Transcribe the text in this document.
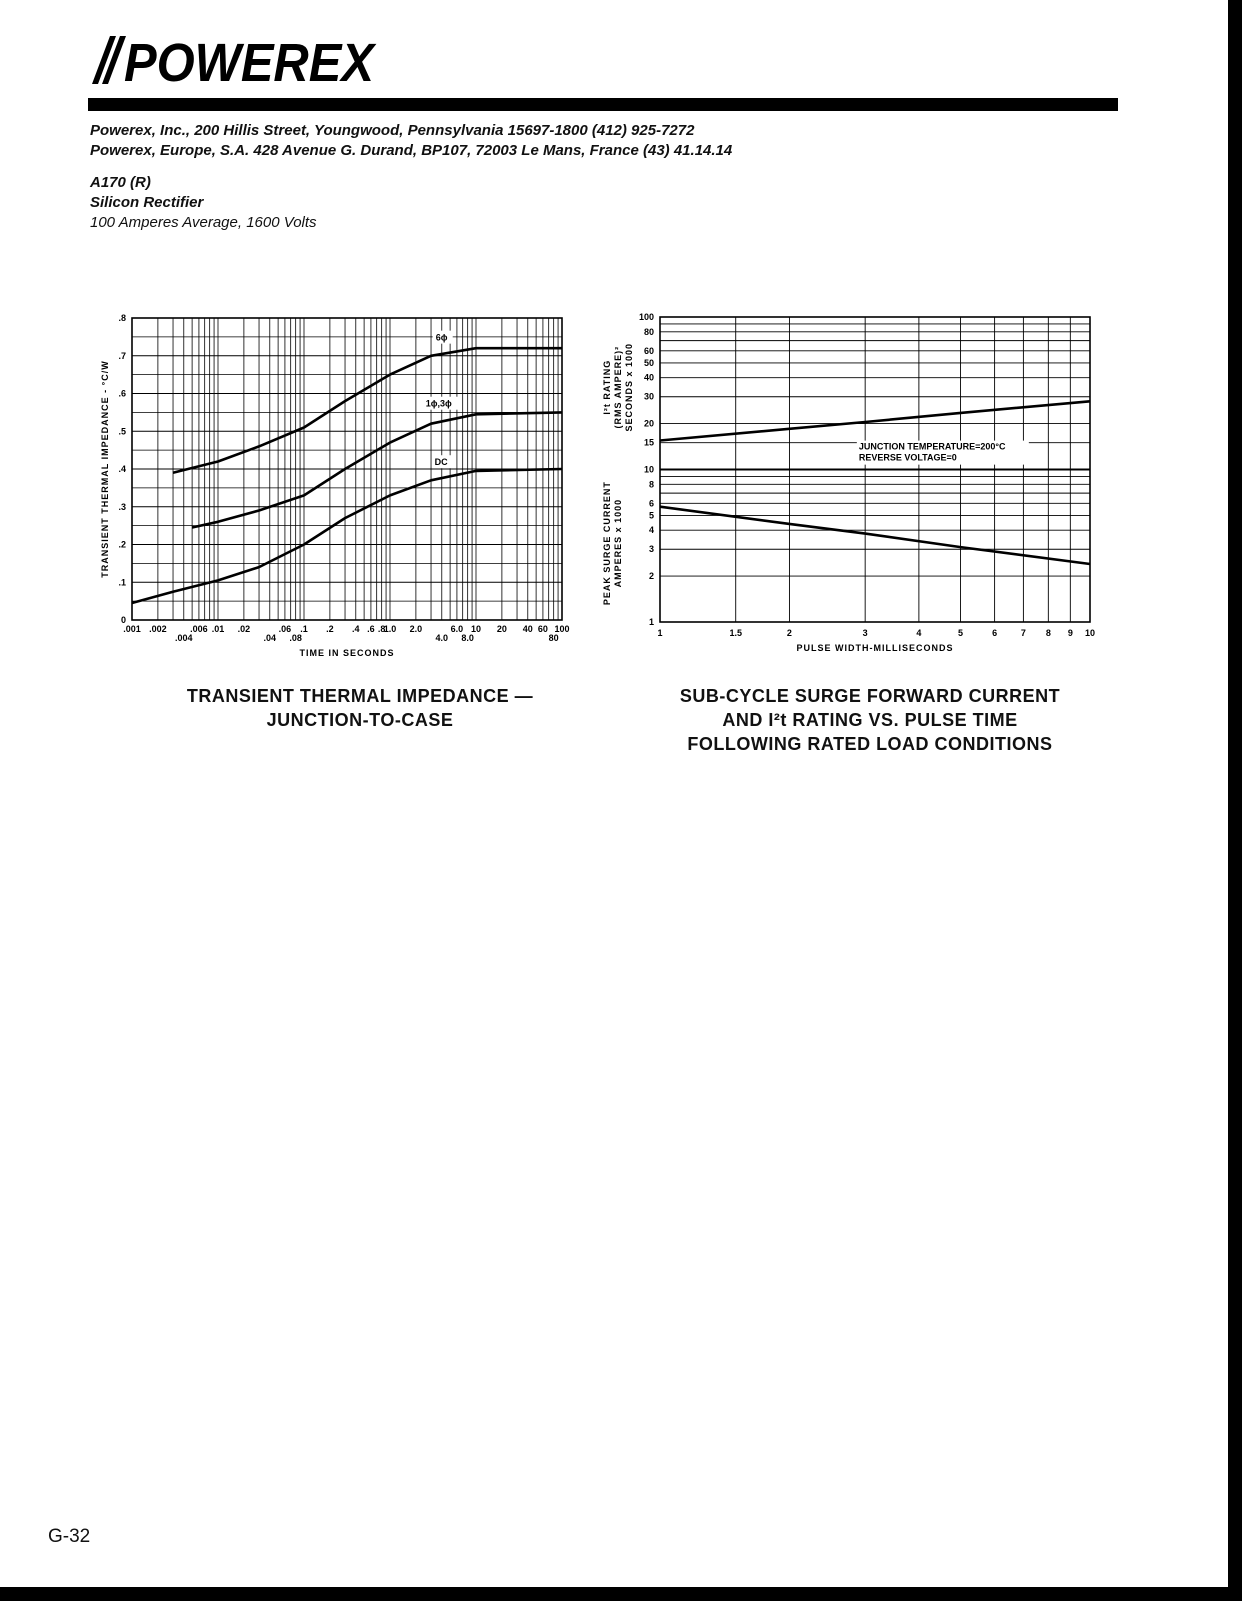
POWEREX
Powerex, Inc., 200 Hillis Street, Youngwood, Pennsylvania 15697-1800 (412) 925-7272
Powerex, Europe, S.A. 428 Avenue G. Durand, BP107, 72003 Le Mans, France (43) 41.14.14
A170 (R)
Silicon Rectifier
100 Amperes Average, 1600 Volts
0
.1
.2
.3
.4
.5
.6
.7
.8
.001 .002	.006 .01 .02	.06 .1 .2 .4 .6 .8
1.0 2.0	6.0 10 20 40 60 100
.004	.04 .08	4.0 8.0	80
TIME IN SECONDS
TRANSIENT THERMAL IMPEDANCE - °C/W
6ϕ
1ϕ,3ϕ
DC
1
2
3
4
5
6
8
10
15
20
30
40
50
60
80
100
1	1.5	2	3	4	5	6	7 8 9 10
PULSE WIDTH-MILLISECONDS
I²t RATING (RMS AMPERE)² SECONDS x 1000
PEAK SURGE CURRENT AMPERES x 1000
JUNCTION TEMPERATURE=200°C
REVERSE VOLTAGE=0
TRANSIENT THERMAL IMPEDANCE —
JUNCTION-TO-CASE
SUB-CYCLE SURGE FORWARD CURRENT
AND I²t RATING VS. PULSE TIME
FOLLOWING RATED LOAD CONDITIONS
G-32
